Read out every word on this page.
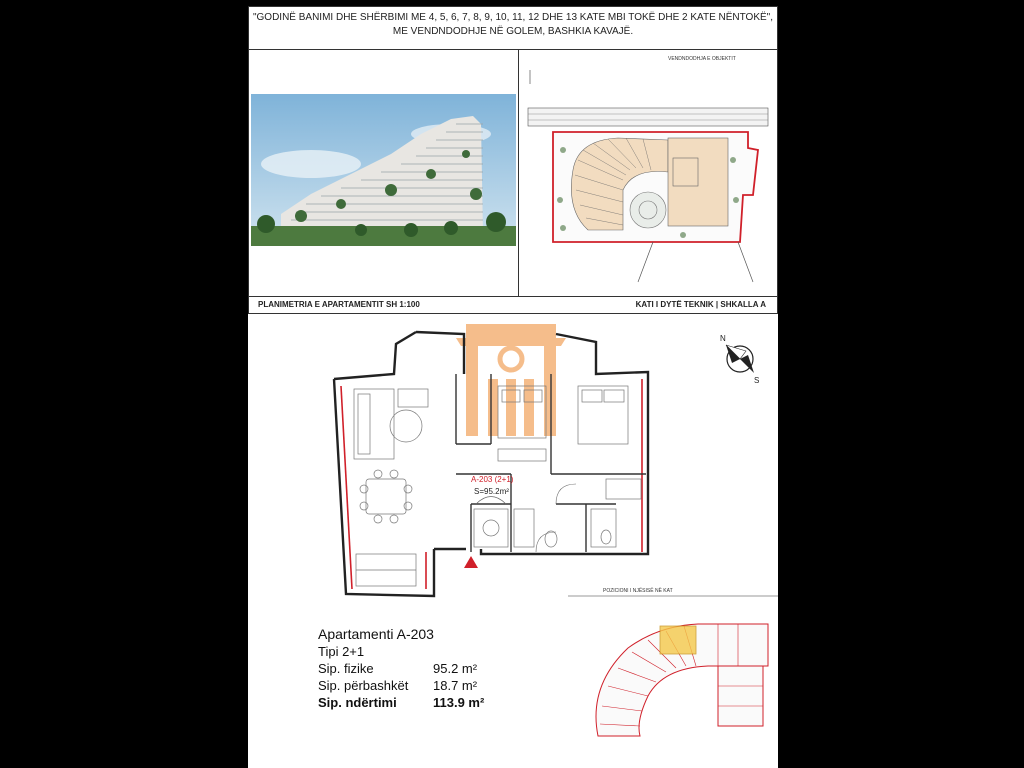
"GODINË BANIMI DHE SHËRBIMI ME 4, 5, 6, 7, 8, 9, 10, 11, 12 DHE 13 KATE MBI TOKË DHE 2 KATE NËNTOKË",
ME VENDNDODHJE NË GOLEM, BASHKIA KAVAJË.
VENDNDODHJA E OBJEKTIT
PLANIMETRIA E APARTAMENTIT SH 1:100	KATI I DYTË TEKNIK | SHKALLA A
A-203 (2+1)
S=95.2m²
N
S
Apartamenti A-203
Tipi 2+1
Sip. fizike	95.2 m²
Sip. përbashkët 18.7 m²
Sip. ndërtimi	113.9 m²
POZICIONI I NJËSISË NË KAT
